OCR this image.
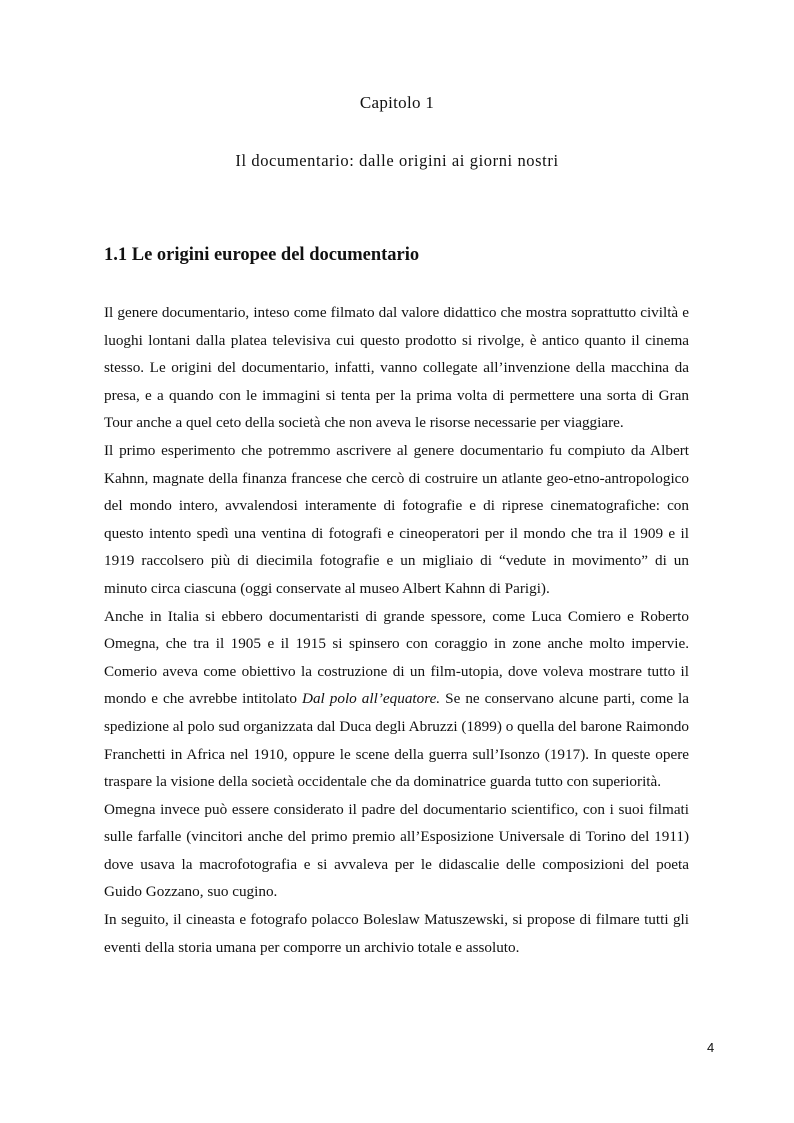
Capitolo 1
Il documentario: dalle origini ai giorni nostri
1.1 Le origini europee del documentario

Il genere documentario, inteso come filmato dal valore didattico che mostra soprattutto civiltà e luoghi lontani dalla platea televisiva cui questo prodotto si rivolge, è antico quanto il cinema stesso. Le origini del documentario, infatti, vanno collegate all’invenzione della macchina da presa, e a quando con le immagini si tenta per la prima volta di permettere una sorta di Gran Tour anche a quel ceto della società che non aveva le risorse necessarie per viaggiare.

Il primo esperimento che potremmo ascrivere al genere documentario fu compiuto da Albert Kahnn, magnate della finanza francese che cercò di costruire un atlante geo-etno-antropologico del mondo intero, avvalendosi interamente di fotografie e di riprese cinematografiche: con questo intento spedì una ventina di fotografi e cineoperatori per il mondo che tra il 1909 e il 1919 raccolsero più di diecimila fotografie e un migliaio di “vedute in movimento” di un minuto circa ciascuna (oggi conservate al museo Albert Kahnn di Parigi).

Anche in Italia si ebbero documentaristi di grande spessore, come Luca Comiero e Roberto Omegna, che tra il 1905 e il 1915 si spinsero con coraggio in zone anche molto impervie. Comerio aveva come obiettivo la costruzione di un film-utopia, dove voleva mostrare tutto il mondo e che avrebbe intitolato Dal polo all’equatore. Se ne conservano alcune parti, come la spedizione al polo sud organizzata dal Duca degli Abruzzi (1899) o quella del barone Raimondo Franchetti in Africa nel 1910, oppure le scene della guerra sull’Isonzo (1917). In queste opere traspare la visione della società occidentale che da dominatrice guarda tutto con superiorità.

Omegna invece può essere considerato il padre del documentario scientifico, con i suoi filmati sulle farfalle (vincitori anche del primo premio all’Esposizione Universale di Torino del 1911) dove usava la macrofotografia e si avvaleva per le didascalie delle composizioni del poeta Guido Gozzano, suo cugino.

In seguito, il cineasta e fotografo polacco Boleslaw Matuszewski, si propose di filmare tutti gli eventi della storia umana per comporre un archivio totale e assoluto.

4
